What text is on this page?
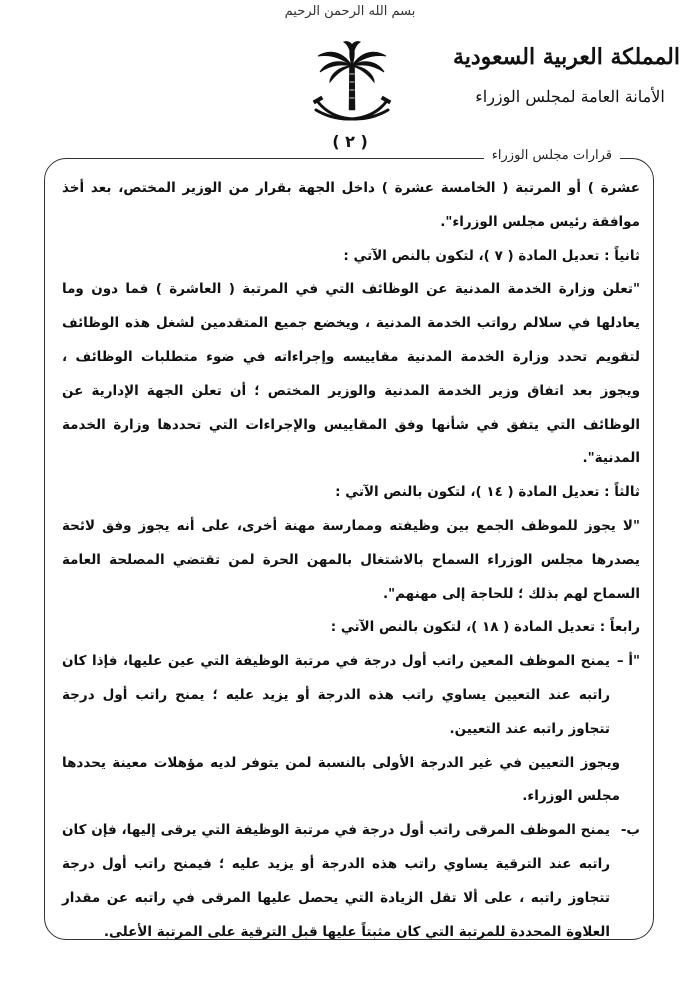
بسم الله الرحمن الرحيم
( ٢ )
المملكة العربية السعودية
الأمانة العامة لمجلس الوزراء
قرارات مجلس الوزراء

عشرة ) أو المرتبة ( الخامسة عشرة ) داخل الجهة بقرار من الوزير المختص، بعد أخذ موافقة رئيس مجلس الوزراء".

ثانياً : تعديل المادة ( ٧ )، لتكون بالنص الآتي :

"تعلن وزارة الخدمة المدنية عن الوظائف التي في المرتبة ( العاشرة ) فما دون وما يعادلها في سلالم رواتب الخدمة المدنية ، ويخضع جميع المتقدمين لشغل هذه الوظائف لتقويم تحدد وزارة الخدمة المدنية مقاييسه وإجراءاته في ضوء متطلبات الوظائف ، ويجوز بعد اتفاق وزير الخدمة المدنية والوزير المختص ؛ أن تعلن الجهة الإدارية عن الوظائف التي يتفق في شأنها وفق المقاييس والإجراءات التي تحددها وزارة الخدمة المدنية".

ثالثاً : تعديل المادة ( ١٤ )، لتكون بالنص الآتي :

"لا يجوز للموظف الجمع بين وظيفته وممارسة مهنة أخرى، على أنه يجوز وفق لائحة يصدرها مجلس الوزراء السماح بالاشتغال بالمهن الحرة لمن تقتضي المصلحة العامة السماح لهم بذلك ؛ للحاجة إلى مهنهم".

رابعاً : تعديل المادة ( ١٨ )، لتكون بالنص الآتي :

"أ –
يمنح الموظف المعين راتب أول درجة في مرتبة الوظيفة التي عين عليها، فإذا كان راتبه عند التعيين يساوي راتب هذه الدرجة أو يزيد عليه ؛ يمنح راتب أول درجة تتجاوز راتبه عند التعيين.

ويجوز التعيين في غير الدرجة الأولى بالنسبة لمن يتوفر لديه مؤهلات معينة يحددها مجلس الوزراء.

ب-
يمنح الموظف المرقى راتب أول درجة في مرتبة الوظيفة التي يرقى إليها، فإن كان راتبه عند الترقية يساوي راتب هذه الدرجة أو يزيد عليه ؛ فيمنح راتب أول درجة تتجاوز راتبه ، على ألا تقل الزيادة التي يحصل عليها المرقى في راتبه عن مقدار العلاوة المحددة للمرتبة التي كان مثبتاً عليها قبل الترقية على المرتبة الأعلى.
